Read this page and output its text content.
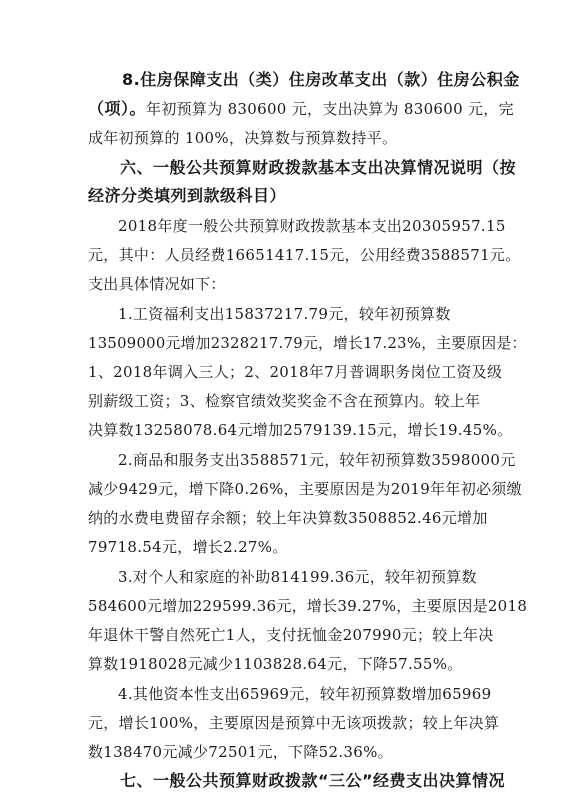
8.住房保障支出（类）住房改革支出（款）住房公积金
（项）。年初预算为 830600 元，支出决算为 830600 元，完
成年初预算的 100%，决算数与预算数持平。
六、一般公共预算财政拨款基本支出决算情况说明（按
经济分类填列到款级科目）
2018年度一般公共预算财政拨款基本支出20305957.15
元，其中：人员经费16651417.15元，公用经费3588571元。
支出具体情况如下：
1.工资福利支出15837217.79元，较年初预算数
13509000元增加2328217.79元，增长17.23%，主要原因是：
1、2018年调入三人；2、2018年7月普调职务岗位工资及级
别薪级工资；3、检察官绩效奖奖金不含在预算内。较上年
决算数13258078.64元增加2579139.15元，增长19.45%。
2.商品和服务支出3588571元，较年初预算数3598000元
减少9429元，增下降0.26%，主要原因是为2019年年初必须缴
纳的水费电费留存余额；较上年决算数3508852.46元增加
79718.54元，增长2.27%。
3.对个人和家庭的补助814199.36元，较年初预算数
584600元增加229599.36元，增长39.27%，主要原因是2018
年退休干警自然死亡1人，支付抚恤金207990元；较上年决
算数1918028元减少1103828.64元，下降57.55%。
4.其他资本性支出65969元，较年初预算数增加65969
元，增长100%，主要原因是预算中无该项拨款；较上年决算
数138470元减少72501元，下降52.36%。
七、一般公共预算财政拨款“三公”经费支出决算情况
